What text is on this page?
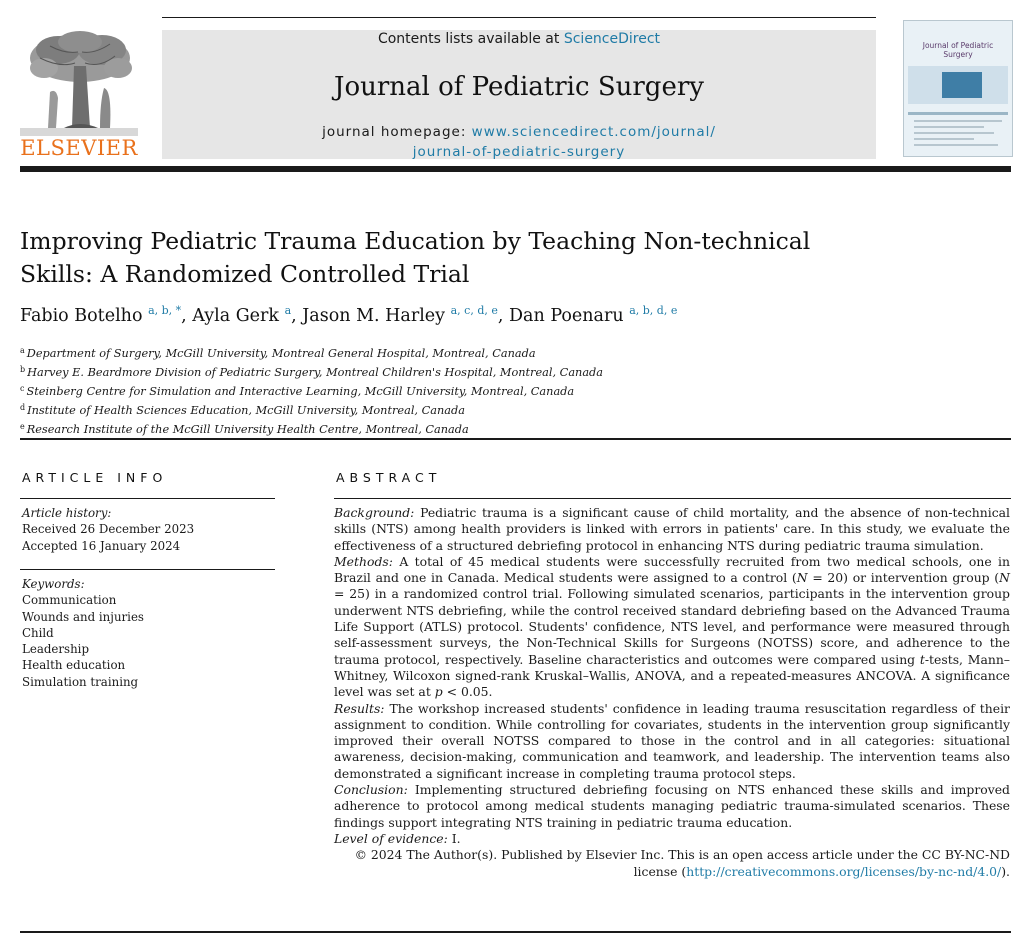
ELSEVIER
Contents lists available at ScienceDirect
Journal of Pediatric Surgery
journal homepage: www.sciencedirect.com/journal/
journal-of-pediatric-surgery
Journal of Pediatric Surgery
Improving Pediatric Trauma Education by Teaching Non-technical
Skills: A Randomized Controlled Trial
Fabio Botelho $^{a, b, *}$, Ayla Gerk $^a$, Jason M. Harley $^{a, c, d, e}$, Dan Poenaru $^{a, b, d, e}$
$^a$ Department of Surgery, McGill University, Montreal General Hospital, Montreal, Canada
$^b$ Harvey E. Beardmore Division of Pediatric Surgery, Montreal Children's Hospital, Montreal, Canada
$^c$ Steinberg Centre for Simulation and Interactive Learning, McGill University, Montreal, Canada
$^d$ Institute of Health Sciences Education, McGill University, Montreal, Canada
$^e$ Research Institute of the McGill University Health Centre, Montreal, Canada
ARTICLE INFO
Article history:
Received 26 December 2023
Accepted 16 January 2024
Keywords:
Communication
Wounds and injuries
Child
Leadership
Health education
Simulation training
ABSTRACT

Background: Pediatric trauma is a significant cause of child mortality, and the absence of non-technical skills (NTS) among health providers is linked with errors in patients' care. In this study, we evaluate the effectiveness of a structured debriefing protocol in enhancing NTS during pediatric trauma simulation.

Methods: A total of 45 medical students were successfully recruited from two medical schools, one in Brazil and one in Canada. Medical students were assigned to a control (N = 20) or intervention group (N = 25) in a randomized control trial. Following simulated scenarios, participants in the intervention group underwent NTS debriefing, while the control received standard debriefing based on the Advanced Trauma Life Support (ATLS) protocol. Students' confidence, NTS level, and performance were measured through self-assessment surveys, the Non-Technical Skills for Surgeons (NOTSS) score, and adherence to the trauma protocol, respectively. Baseline characteristics and outcomes were compared using t-tests, Mann–Whitney, Wilcoxon signed-rank Kruskal–Wallis, ANOVA, and a repeated-measures ANCOVA. A significance level was set at p < 0.05.

Results: The workshop increased students' confidence in leading trauma resuscitation regardless of their assignment to condition. While controlling for covariates, students in the intervention group significantly improved their overall NOTSS compared to those in the control and in all categories: situational awareness, decision-making, communication and teamwork, and leadership. The intervention teams also demonstrated a significant increase in completing trauma protocol steps.

Conclusion: Implementing structured debriefing focusing on NTS enhanced these skills and improved adherence to protocol among medical students managing pediatric trauma-simulated scenarios. These findings support integrating NTS training in pediatric trauma education.

Level of evidence: I.

© 2024 The Author(s). Published by Elsevier Inc. This is an open access article under the CC BY-NC-ND
license (http://creativecommons.org/licenses/by-nc-nd/4.0/).
